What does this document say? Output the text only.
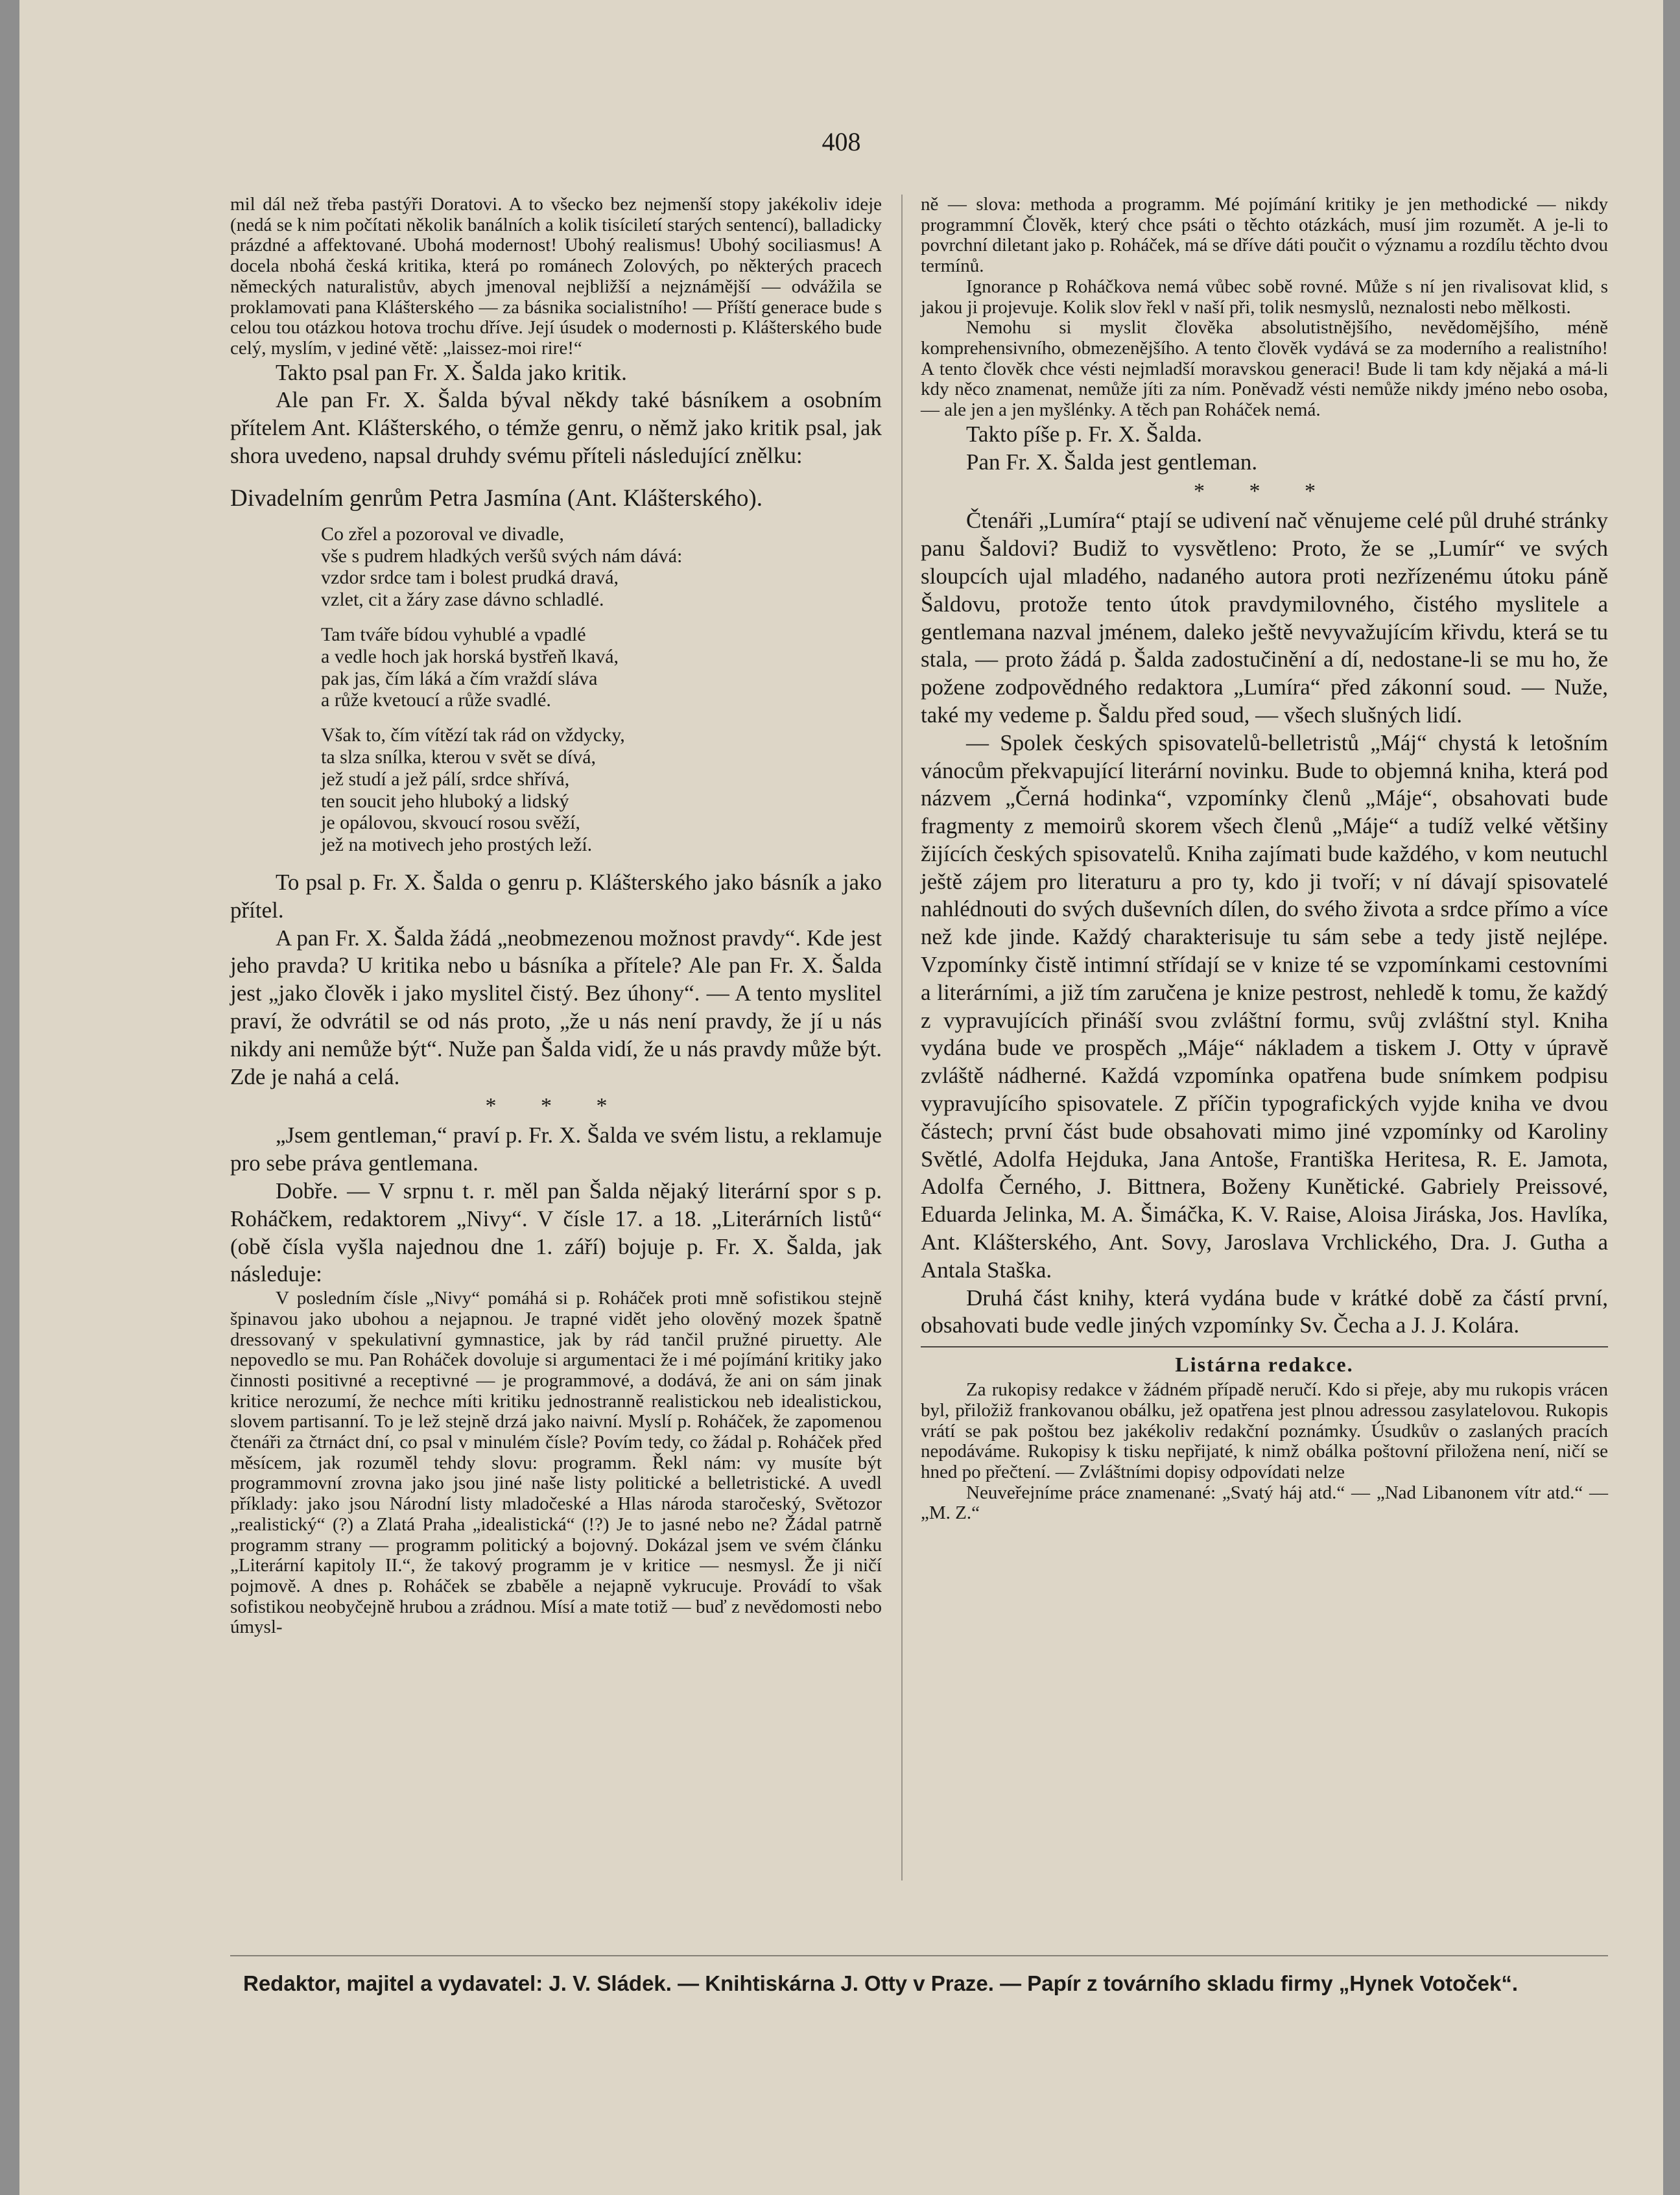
408

mil dál než třeba pastýři Doratovi. A to všecko bez nejmenší stopy jakékoliv ideje (nedá se k nim počítati několik banálních a kolik tisíciletí starých sentencí), balladicky prázdné a affektované. Ubohá modernost! Ubohý realismus! Ubohý sociliasmus! A docela nbohá česká kritika, která po románech Zolových, po některých pracech německých naturalistův, abych jmenoval nejbližší a nejznámější — odvážila se proklamovati pana Klášterského — za básnika socialistního! — Příští generace bude s celou tou otázkou hotova trochu dříve. Její úsudek o modernosti p. Klášterského bude celý, myslím, v jediné větě: „laissez-moi rire!“

Takto psal pan Fr. X. Šalda jako kritik.

Ale pan Fr. X. Šalda býval někdy také básníkem a osobním přítelem Ant. Klášterského, o témže genru, o němž jako kritik psal, jak shora uvedeno, napsal druhdy svému příteli následující znělku:

Divadelním genrům Petra Jasmína (Ant. Klášterského).
Co zřel a pozoroval ve divadle,
vše s pudrem hladkých veršů svých nám dává:
vzdor srdce tam i bolest prudká dravá,
vzlet, cit a žáry zase dávno schladlé.
Tam tváře bídou vyhublé a vpadlé
a vedle hoch jak horská bystřeň lkavá,
pak jas, čím láká a čím vraždí sláva
a růže kvetoucí a růže svadlé.
Však to, čím vítězí tak rád on vždycky,
ta slza snílka, kterou v svět se dívá,
jež studí a jež pálí, srdce shřívá,
ten soucit jeho hluboký a lidský
je opálovou, skvoucí rosou svěží,
jež na motivech jeho prostých leží.

To psal p. Fr. X. Šalda o genru p. Klášterského jako básník a jako přítel.

A pan Fr. X. Šalda žádá „neobmezenou možnost pravdy“. Kde jest jeho pravda? U kritika nebo u básníka a přítele? Ale pan Fr. X. Šalda jest „jako člověk i jako myslitel čistý. Bez úhony“. — A tento myslitel praví, že odvrátil se od nás proto, „že u nás není pravdy, že jí u nás nikdy ani nemůže být“. Nuže pan Šalda vidí, že u nás pravdy může být. Zde je nahá a celá.

* * *

„Jsem gentleman,“ praví p. Fr. X. Šalda ve svém listu, a reklamuje pro sebe práva gentlemana.

Dobře. — V srpnu t. r. měl pan Šalda nějaký literární spor s p. Roháčkem, redaktorem „Nivy“. V čísle 17. a 18. „Literárních listů“ (obě čísla vyšla najednou dne 1. září) bojuje p. Fr. X. Šalda, jak následuje:

V posledním čísle „Nivy“ pomáhá si p. Roháček proti mně sofistikou stejně špinavou jako ubohou a nejapnou. Je trapné vidět jeho olověný mozek špatně dressovaný v spekulativní gymnastice, jak by rád tančil pružné piruetty. Ale nepovedlo se mu. Pan Roháček dovoluje si argumentaci že i mé pojímání kritiky jako činnosti positivné a receptivné — je programmové, a dodává, že ani on sám jinak kritice nerozumí, že nechce míti kritiku jednostranně realistickou neb idealistickou, slovem partisanní. To je lež stejně drzá jako naivní. Myslí p. Roháček, že zapomenou čtenáři za čtrnáct dní, co psal v minulém čísle? Povím tedy, co žádal p. Roháček před měsícem, jak rozuměl tehdy slovu: programm. Řekl nám: vy musíte být programmovní zrovna jako jsou jiné naše listy politické a belletristické. A uvedl příklady: jako jsou Národní listy mladočeské a Hlas národa staročeský, Světozor „realistický“ (?) a Zlatá Praha „idealistická“ (!?) Je to jasné nebo ne? Žádal patrně programm strany — programm politický a bojovný. Dokázal jsem ve svém článku „Literární kapitoly II.“, že takový programm je v kritice — nesmysl. Že ji ničí pojmově. A dnes p. Roháček se zbaběle a nejapně vykrucuje. Provádí to však sofistikou neobyčejně hrubou a zrádnou. Mísí a mate totiž — buď z nevědomosti nebo úmysl-

ně — slova: methoda a programm. Mé pojímání kritiky je jen methodické — nikdy programmní Člověk, který chce psáti o těchto otázkách, musí jim rozumět. A je-li to povrchní diletant jako p. Roháček, má se dříve dáti poučit o významu a rozdílu těchto dvou termínů.

Ignorance p Roháčkova nemá vůbec sobě rovné. Může s ní jen rivalisovat klid, s jakou ji projevuje. Kolik slov řekl v naší při, tolik nesmyslů, neznalosti nebo mělkosti.

Nemohu si myslit člověka absolutistnějšího, nevědomějšího, méně komprehensivního, obmezenějšího. A tento člověk vydává se za moderního a realistního! A tento člověk chce vésti nejmladší moravskou generaci! Bude li tam kdy nějaká a má-li kdy něco znamenat, nemůže jíti za ním. Poněvadž vésti nemůže nikdy jméno nebo osoba, — ale jen a jen myšlénky. A těch pan Roháček nemá.

Takto píše p. Fr. X. Šalda.

Pan Fr. X. Šalda jest gentleman.

* * *

Čtenáři „Lumíra“ ptají se udivení nač věnujeme celé půl druhé stránky panu Šaldovi? Budiž to vysvětleno: Proto, že se „Lumír“ ve svých sloupcích ujal mladého, nadaného autora proti nezřízenému útoku páně Šaldovu, protože tento útok pravdymilovného, čistého myslitele a gentlemana nazval jménem, daleko ještě nevyvažujícím křivdu, která se tu stala, — proto žádá p. Šalda zadostučinění a dí, nedostane-li se mu ho, že požene zodpovědného redaktora „Lumíra“ před zákonní soud. — Nuže, také my vedeme p. Šaldu před soud, — všech slušných lidí.

— Spolek českých spisovatelů-belletristů „Máj“ chystá k letošním vánocům překvapující literární novinku. Bude to objemná kniha, která pod názvem „Černá hodinka“, vzpomínky členů „Máje“, obsahovati bude fragmenty z memoirů skorem všech členů „Máje“ a tudíž velké většiny žijících českých spisovatelů. Kniha zajímati bude každého, v kom neutuchl ještě zájem pro literaturu a pro ty, kdo ji tvoří; v ní dávají spisovatelé nahlédnouti do svých duševních dílen, do svého života a srdce přímo a více než kde jinde. Každý charakterisuje tu sám sebe a tedy jistě nejlépe. Vzpomínky čistě intimní střídají se v knize té se vzpomínkami cestovními a literárními, a již tím zaručena je knize pestrost, nehledě k tomu, že každý z vypravujících přináší svou zvláštní formu, svůj zvláštní styl. Kniha vydána bude ve prospěch „Máje“ nákladem a tiskem J. Otty v úpravě zvláště nádherné. Každá vzpomínka opatřena bude snímkem podpisu vypravujícího spisovatele. Z příčin typografických vyjde kniha ve dvou částech; první část bude obsahovati mimo jiné vzpomínky od Karoliny Světlé, Adolfa Hejduka, Jana Antoše, Františka Heritesa, R. E. Jamota, Adolfa Černého, J. Bittnera, Boženy Kunětické. Gabriely Preissové, Eduarda Jelinka, M. A. Šimáčka, K. V. Raise, Aloisa Jiráska, Jos. Havlíka, Ant. Klášterského, Ant. Sovy, Jaroslava Vrchlického, Dra. J. Gutha a Antala Staška.

Druhá část knihy, která vydána bude v krátké době za částí první, obsahovati bude vedle jiných vzpomínky Sv. Čecha a J. J. Kolára.

Listárna redakce.

Za rukopisy redakce v žádném případě neručí. Kdo si přeje, aby mu rukopis vrácen byl, přiložiž frankovanou obálku, jež opatřena jest plnou adressou zasylatelovou. Rukopis vrátí se pak poštou bez jakékoliv redakční poznámky. Úsudkův o zaslaných pracích nepodáváme. Rukopisy k tisku nepřijaté, k nimž obálka poštovní přiložena není, ničí se hned po přečtení. — Zvláštními dopisy odpovídati nelze

Neuveřejníme práce znamenané: „Svatý háj atd.“ — „Nad Libanonem vítr atd.“ — „M. Z.“

Redaktor, majitel a vydavatel: J. V. Sládek. — Knihtiskárna J. Otty v Praze. — Papír z továrního skladu firmy „Hynek Votoček“.
